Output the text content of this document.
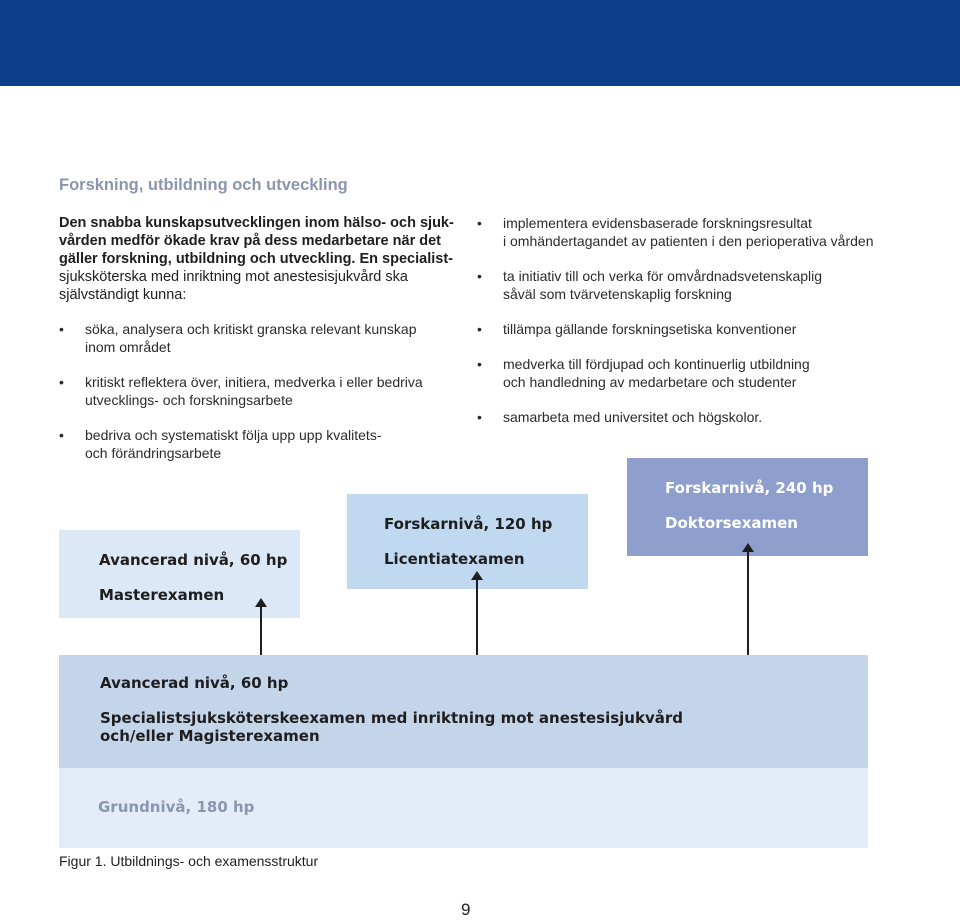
Forskning, utbildning och utveckling
Den snabba kunskapsutvecklingen inom hälso- och sjuk-
vården medför ökade krav på dess medarbetare när det
gäller forskning, utbildning och utveckling. En specialist-
sjuksköterska med inriktning mot anestesisjukvård ska
självständigt kunna:
• söka, analysera och kritiskt granska relevant kunskap
inom området
• kritiskt reflektera över, initiera, medverka i eller bedriva
utvecklings- och forskningsarbete
• bedriva och systematiskt följa upp upp kvalitets-
och förändringsarbete
• implementera evidensbaserade forskningsresultat
i omhändertagandet av patienten i den perioperativa vården
• ta initiativ till och verka för omvårdnadsvetenskaplig
såväl som tvärvetenskaplig forskning
• tillämpa gällande forskningsetiska konventioner
• medverka till fördjupad och kontinuerlig utbildning
och handledning av medarbetare och studenter
• samarbeta med universitet och högskolor.
Avancerad nivå, 60 hp
Masterexamen
Forskarnivå, 120 hp
Licentiatexamen
Forskarnivå, 240 hp
Doktorsexamen
Avancerad nivå, 60 hp
Specialistsjuksköterskeexamen med inriktning mot anestesisjukvård
och/eller Magisterexamen
Grundnivå, 180 hp
Figur 1. Utbildnings- och examensstruktur
9
